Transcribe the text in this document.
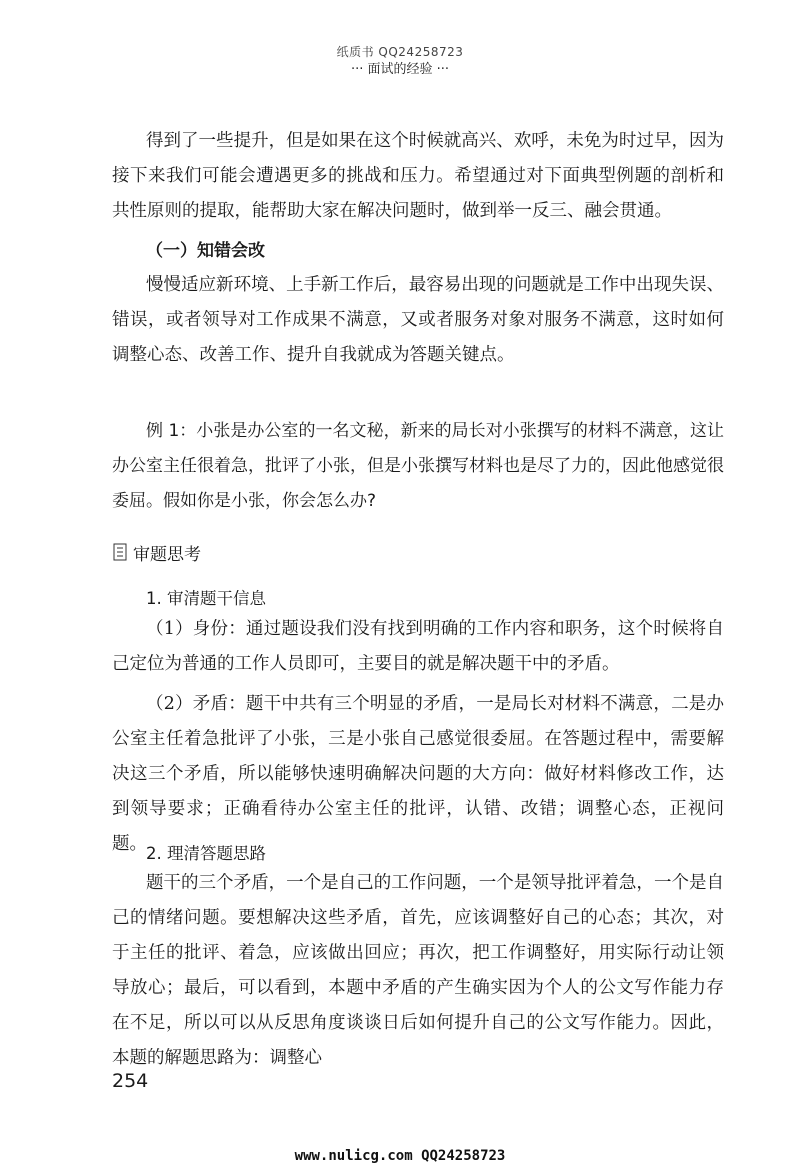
纸质书 QQ24258723
··· 面试的经验 ···

得到了一些提升，但是如果在这个时候就高兴、欢呼，未免为时过早，因为接下来我们可能会遭遇更多的挑战和压力。希望通过对下面典型例题的剖析和共性原则的提取，能帮助大家在解决问题时，做到举一反三、融会贯通。

（一）知错会改

慢慢适应新环境、上手新工作后，最容易出现的问题就是工作中出现失误、错误，或者领导对工作成果不满意，又或者服务对象对服务不满意，这时如何调整心态、改善工作、提升自我就成为答题关键点。

例 1：小张是办公室的一名文秘，新来的局长对小张撰写的材料不满意，这让办公室主任很着急，批评了小张，但是小张撰写材料也是尽了力的，因此他感觉很委屈。假如你是小张，你会怎么办?

审题思考

1. 审清题干信息

（1）身份：通过题设我们没有找到明确的工作内容和职务，这个时候将自己定位为普通的工作人员即可，主要目的就是解决题干中的矛盾。

（2）矛盾：题干中共有三个明显的矛盾，一是局长对材料不满意，二是办公室主任着急批评了小张，三是小张自己感觉很委屈。在答题过程中，需要解决这三个矛盾，所以能够快速明确解决问题的大方向：做好材料修改工作，达到领导要求；正确看待办公室主任的批评，认错、改错；调整心态，正视问题。 2. 理清答题思路

题干的三个矛盾，一个是自己的工作问题，一个是领导批评着急，一个是自己的情绪问题。要想解决这些矛盾，首先，应该调整好自己的心态；其次，对于主任的批评、着急，应该做出回应；再次，把工作调整好，用实际行动让领导放心；最后，可以看到，本题中矛盾的产生确实因为个人的公文写作能力存在不足，所以可以从反思角度谈谈日后如何提升自己的公文写作能力。因此，本题的解题思路为：调整心

254
www.nulicg.com QQ24258723
